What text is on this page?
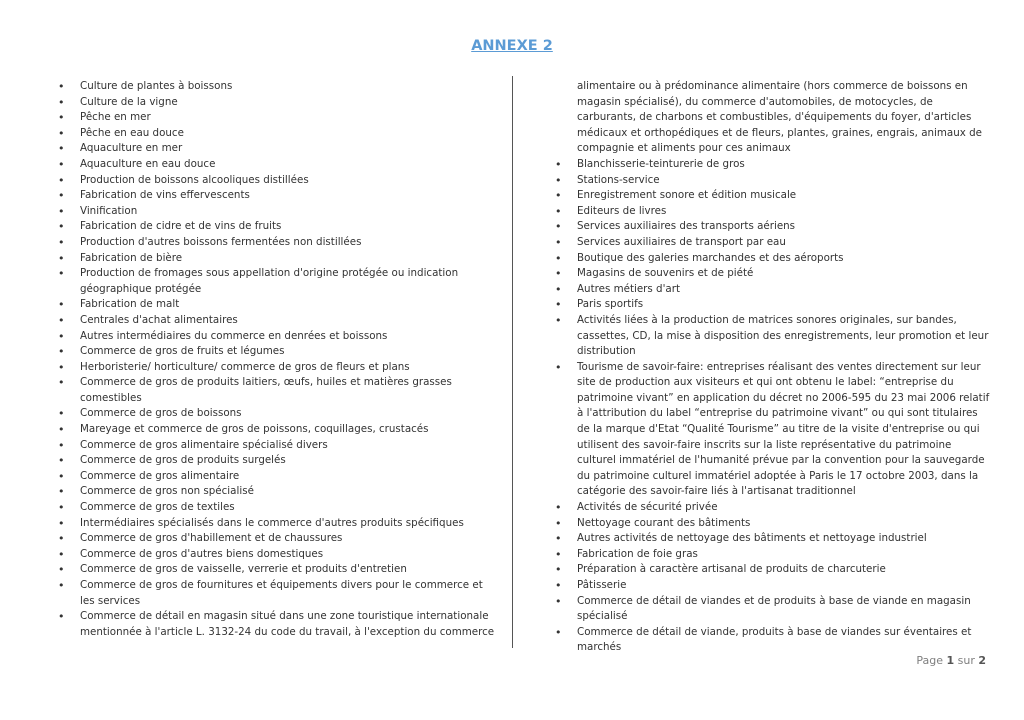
ANNEXE 2
• Culture de plantes à boissons
• Culture de la vigne
• Pêche en mer
• Pêche en eau douce
• Aquaculture en mer
• Aquaculture en eau douce
• Production de boissons alcooliques distillées
• Fabrication de vins effervescents
• Vinification
• Fabrication de cidre et de vins de fruits
• Production d'autres boissons fermentées non distillées
• Fabrication de bière
• Production de fromages sous appellation d'origine protégée ou indication géographique protégée
• Fabrication de malt
• Centrales d'achat alimentaires
• Autres intermédiaires du commerce en denrées et boissons
• Commerce de gros de fruits et légumes
• Herboristerie/ horticulture/ commerce de gros de fleurs et plans
• Commerce de gros de produits laitiers, œufs, huiles et matières grasses comestibles
• Commerce de gros de boissons
• Mareyage et commerce de gros de poissons, coquillages, crustacés
• Commerce de gros alimentaire spécialisé divers
• Commerce de gros de produits surgelés
• Commerce de gros alimentaire
• Commerce de gros non spécialisé
• Commerce de gros de textiles
• Intermédiaires spécialisés dans le commerce d'autres produits spécifiques
• Commerce de gros d'habillement et de chaussures
• Commerce de gros d'autres biens domestiques
• Commerce de gros de vaisselle, verrerie et produits d'entretien
• Commerce de gros de fournitures et équipements divers pour le commerce et les services
• Commerce de détail en magasin situé dans une zone touristique internationale mentionnée à l'article L. 3132-24 du code du travail, à l'exception du commerce
alimentaire ou à prédominance alimentaire (hors commerce de boissons en magasin spécialisé), du commerce d'automobiles, de motocycles, de carburants, de charbons et combustibles, d'équipements du foyer, d'articles médicaux et orthopédiques et de fleurs, plantes, graines, engrais, animaux de compagnie et aliments pour ces animaux
• Blanchisserie-teinturerie de gros
• Stations-service
• Enregistrement sonore et édition musicale
• Editeurs de livres
• Services auxiliaires des transports aériens
• Services auxiliaires de transport par eau
• Boutique des galeries marchandes et des aéroports
• Magasins de souvenirs et de piété
• Autres métiers d'art
• Paris sportifs
• Activités liées à la production de matrices sonores originales, sur bandes, cassettes, CD, la mise à disposition des enregistrements, leur promotion et leur distribution
• Tourisme de savoir-faire: entreprises réalisant des ventes directement sur leur site de production aux visiteurs et qui ont obtenu le label: “entreprise du patrimoine vivant” en application du décret no 2006-595 du 23 mai 2006 relatif à l'attribution du label “entreprise du patrimoine vivant” ou qui sont titulaires de la marque d'Etat “Qualité Tourisme” au titre de la visite d'entreprise ou qui utilisent des savoir-faire inscrits sur la liste représentative du patrimoine culturel immatériel de l'humanité prévue par la convention pour la sauvegarde du patrimoine culturel immatériel adoptée à Paris le 17 octobre 2003, dans la catégorie des savoir-faire liés à l'artisanat traditionnel
• Activités de sécurité privée
• Nettoyage courant des bâtiments
• Autres activités de nettoyage des bâtiments et nettoyage industriel
• Fabrication de foie gras
• Préparation à caractère artisanal de produits de charcuterie
• Pâtisserie
• Commerce de détail de viandes et de produits à base de viande en magasin spécialisé
• Commerce de détail de viande, produits à base de viandes sur éventaires et marchés
Page 1 sur 2
